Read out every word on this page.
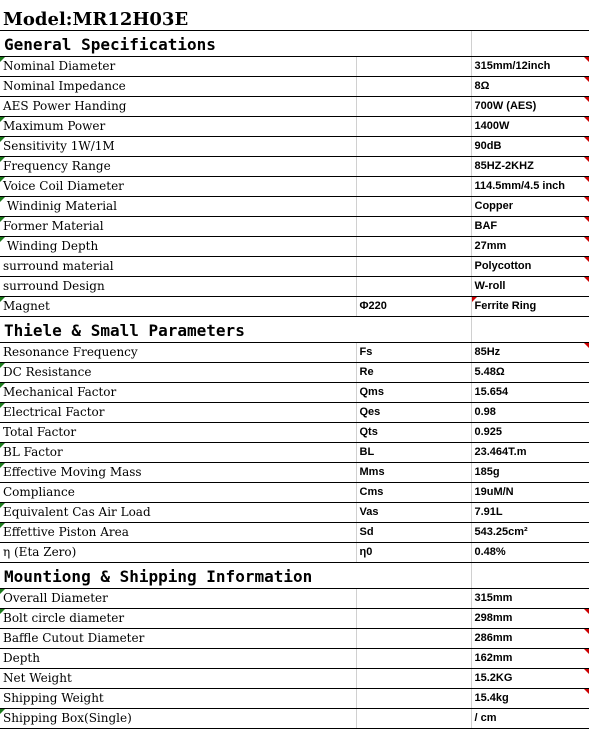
Model:MR12H03E		
General Specifications		

Nominal Diameter		315mm/12inch
Nominal Impedance		8Ω
AES Power Handing		700W (AES)

Maximum Power		1400W

Sensitivity 1W/1M		90dB

Frequency Range		85HZ-2KHZ

Voice Coil Diameter		114.5mm/4.5 inch

Windinig Material		Copper

Former Material		BAF

Winding Depth		27mm
surround material		Polycotton
surround Design		W-roll

Magnet	Φ220	Ferrite Ring
Thiele & Small Parameters		
Resonance Frequency	Fs	85Hz

DC Resistance	Re	5.48Ω

Mechanical Factor	Qms	15.654

Electrical Factor	Qes	0.98
Total Factor	Qts	0.925

BL Factor	BL	23.464T.m

Effective Moving Mass	Mms	185g
Compliance	Cms	19uM/N

Equivalent Cas Air Load	Vas	7.91L

Effettive Piston Area	Sd	543.25cm²
η (Eta Zero)	η0	0.48%
Mountiong & Shipping Information		

Overall Diameter		315mm

Bolt circle diameter		298mm
Baffle Cutout Diameter		286mm
Depth		162mm
Net Weight		15.2KG
Shipping Weight		15.4kg

Shipping Box(Single)		/ cm
